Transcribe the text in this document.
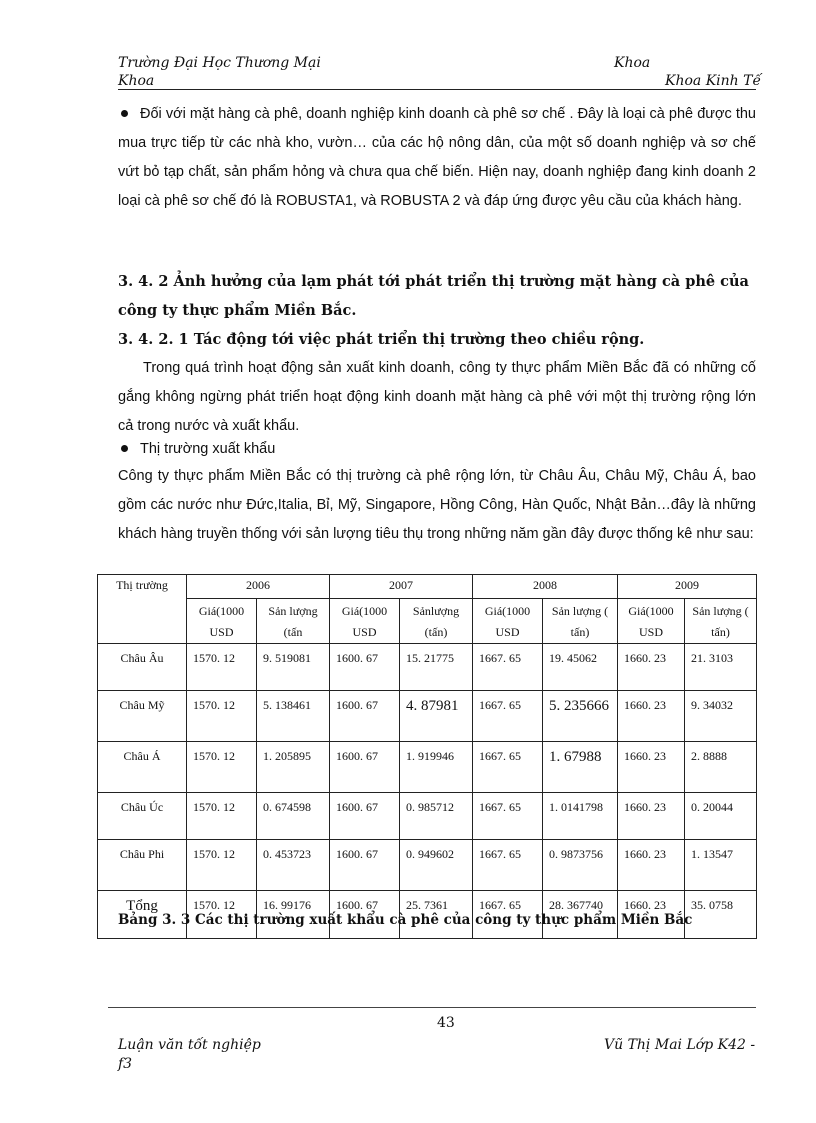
Trường Đại Học Thương Mại
Khoa
Khoa
Khoa Kinh Tế

Đối với mặt hàng cà phê, doanh nghiệp kinh doanh cà phê sơ chế . Đây là loại cà phê được thu mua trực tiếp từ các nhà kho, vườn… của các hộ nông dân, của một số doanh nghiệp và sơ chế vứt bỏ tạp chất, sản phẩm hỏng và chưa qua chế biến. Hiện nay, doanh nghiệp đang kinh doanh 2 loại cà phê sơ chế đó là ROBUSTA1, và ROBUSTA 2 và đáp ứng được yêu cầu của khách hàng.

3. 4. 2 Ảnh hưởng của lạm phát tới phát triển thị trường mặt hàng cà phê của công ty thực phẩm Miền Bắc.

3. 4. 2. 1 Tác động tới việc phát triển thị trường theo chiều rộng.

Trong quá trình hoạt động sản xuất kinh doanh, công ty thực phẩm Miền Bắc đã có những cố gắng không ngừng phát triển hoạt động kinh doanh mặt hàng cà phê với một thị trường rộng lớn cả trong nước và xuất khẩu.

Thị trường xuất khẩu

Công ty thực phẩm Miền Bắc có thị trường cà phê rộng lớn, từ Châu Âu, Châu Mỹ, Châu Á, bao gồm các nước như Đức,Italia, Bỉ, Mỹ, Singapore, Hồng Công, Hàn Quốc, Nhật Bản…đây là những khách hàng truyền thống với sản lượng tiêu thụ trong những năm gần đây được thống kê như sau:

Thị trường	2006		2007		2008		2009	
	Giá(1000 USD	Sản lượng (tấn	Giá(1000 USD	Sảnlượng (tấn)	Giá(1000 USD	Sản lượng ( tấn)	Giá(1000 USD	Sản lượng ( tấn)
Châu Âu	1570. 12	9. 519081	1600. 67	15. 21775	1667. 65	19. 45062	1660. 23	21. 3103
Châu Mỹ	1570. 12	5. 138461	1600. 67	4. 87981	1667. 65	5. 235666	1660. 23	9. 34032
Châu Á	1570. 12	1. 205895	1600. 67	1. 919946	1667. 65	1. 67988	1660. 23	2. 8888
Châu Úc	1570. 12	0. 674598	1600. 67	0. 985712	1667. 65	1. 0141798	1660. 23	0. 20044
Châu Phi	1570. 12	0. 453723	1600. 67	0. 949602	1667. 65	0. 9873756	1660. 23	1. 13547
Tổng	1570. 12	16. 99176	1600. 67	25. 7361	1667. 65	28. 367740	1660. 23	35. 0758

Bảng 3. 3 Các thị trường xuất khẩu cà phê của công ty thực phẩm Miền Bắc

43
Luận văn tốt nghiệp
f3
Vũ Thị Mai Lớp K42 -
